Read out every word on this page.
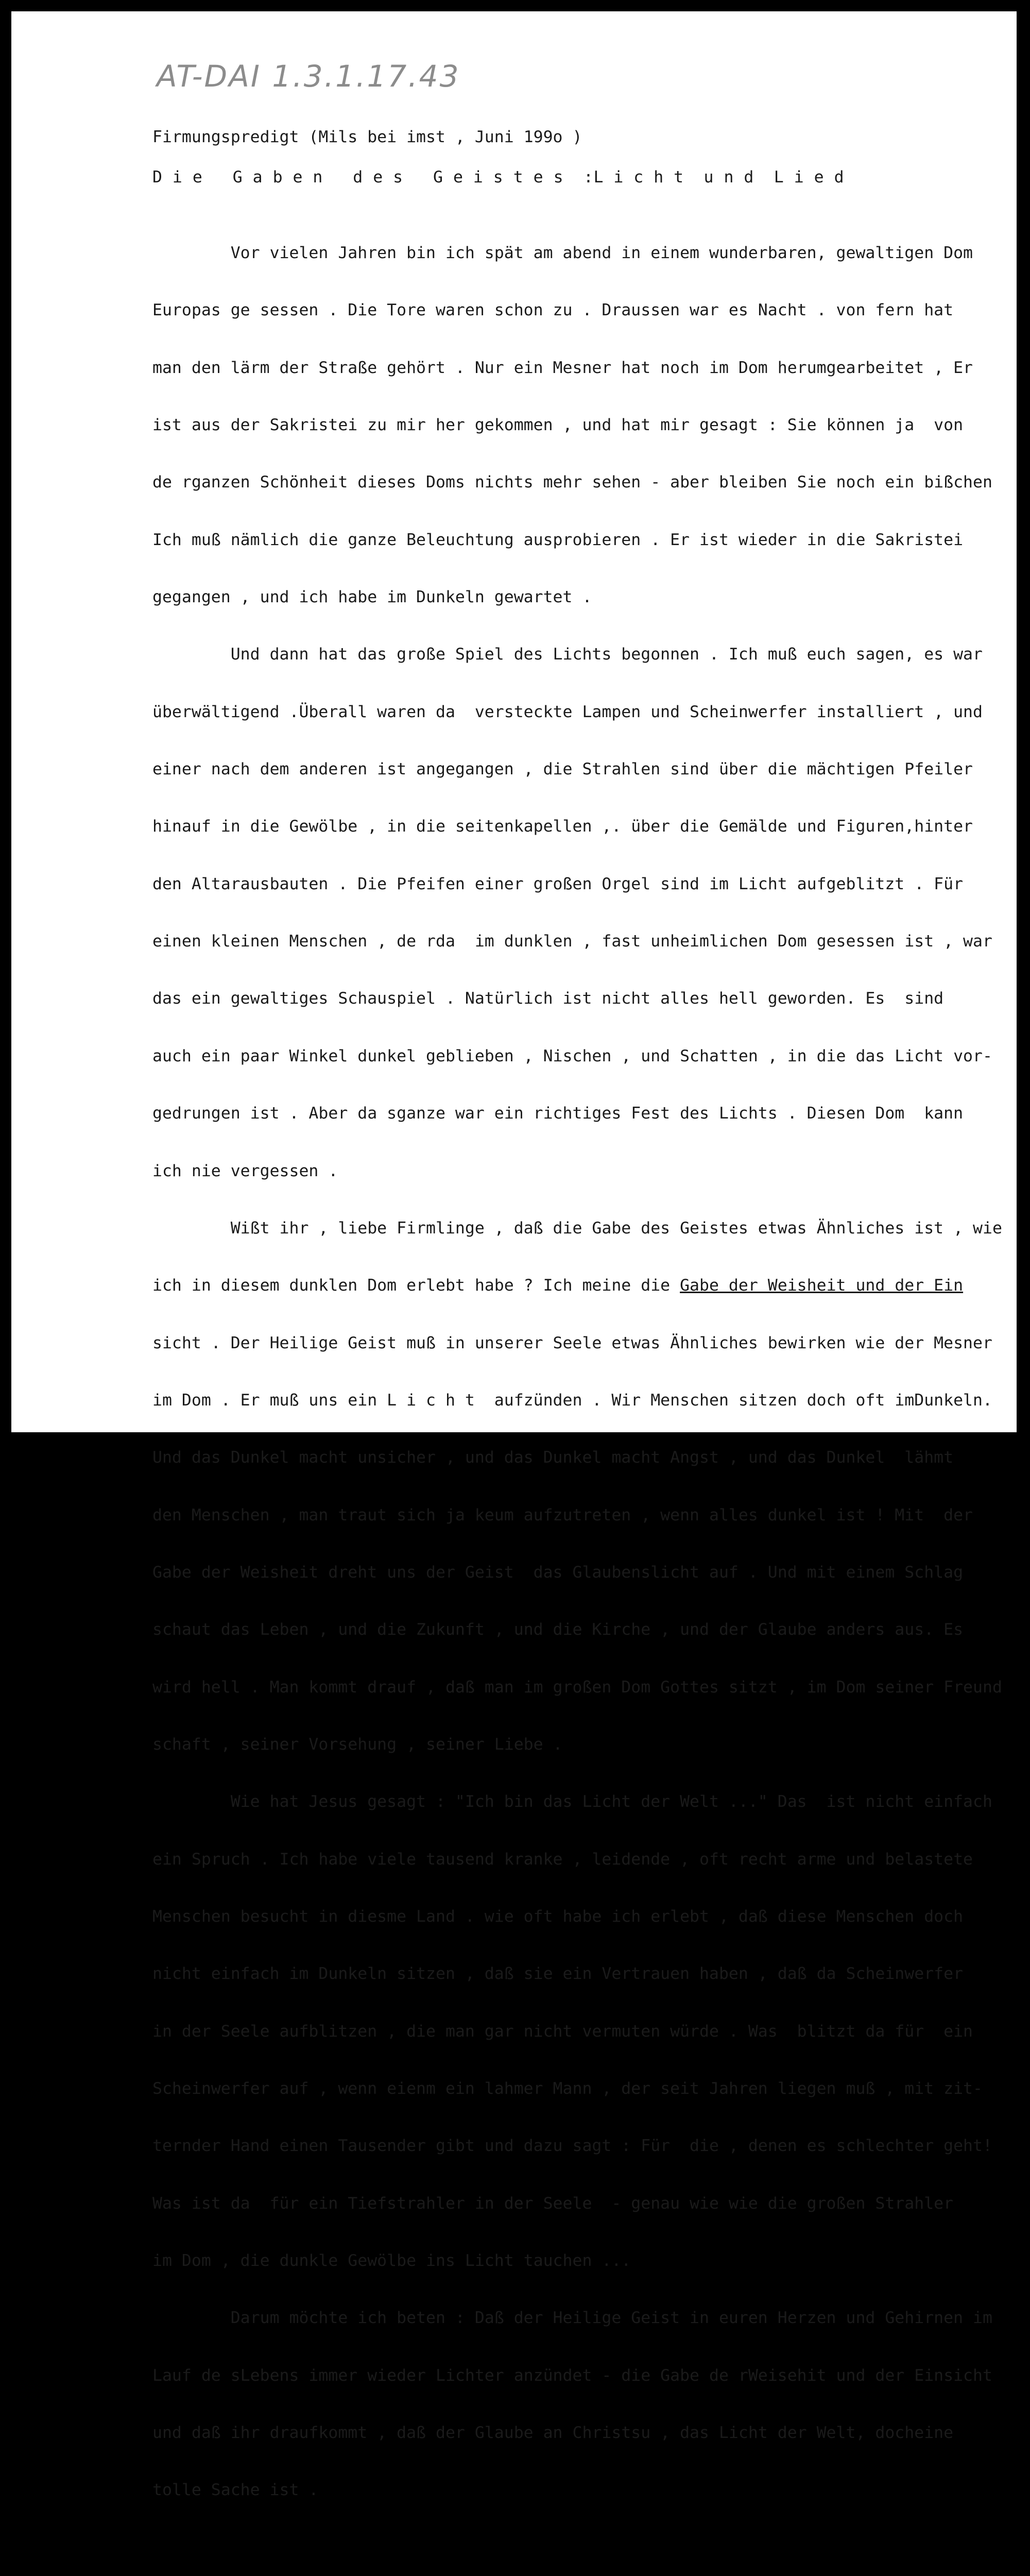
AT-DAI 1.3.1.17.43
Firmungspredigt (Mils bei imst , Juni 199o )
D i e   G a b e n   d e s   G e i s t e s  :L i c h t  u n d  L i e d

Vor vielen Jahren bin ich spät am abend in einem wunderbaren, gewaltigen Dom

Europas ge sessen . Die Tore waren schon zu . Draussen war es Nacht . von fern hat

man den lärm der Straße gehört . Nur ein Mesner hat noch im Dom herumgearbeitet , Er

ist aus der Sakristei zu mir her gekommen , und hat mir gesagt : Sie können ja  von

de rganzen Schönheit dieses Doms nichts mehr sehen - aber bleiben Sie noch ein bißchen

Ich muß nämlich die ganze Beleuchtung ausprobieren . Er ist wieder in die Sakristei

gegangen , und ich habe im Dunkeln gewartet .

Und dann hat das große Spiel des Lichts begonnen . Ich muß euch sagen, es war

überwältigend .Überall waren da  versteckte Lampen und Scheinwerfer installiert , und

einer nach dem anderen ist angegangen , die Strahlen sind über die mächtigen Pfeiler

hinauf in die Gewölbe , in die seitenkapellen ,. über die Gemälde und Figuren,hinter

den Altarausbauten . Die Pfeifen einer großen Orgel sind im Licht aufgeblitzt . Für

einen kleinen Menschen , de rda  im dunklen , fast unheimlichen Dom gesessen ist , war

das ein gewaltiges Schauspiel . Natürlich ist nicht alles hell geworden. Es  sind

auch ein paar Winkel dunkel geblieben , Nischen , und Schatten , in die das Licht vor-

gedrungen ist . Aber da sganze war ein richtiges Fest des Lichts . Diesen Dom  kann

ich nie vergessen .

Wißt ihr , liebe Firmlinge , daß die Gabe des Geistes etwas Ähnliches ist , wie

ich in diesem dunklen Dom erlebt habe ? Ich meine die Gabe der Weisheit und der Ein

sicht . Der Heilige Geist muß in unserer Seele etwas Ähnliches bewirken wie der Mesner

im Dom . Er muß uns ein L i c h t  aufzünden . Wir Menschen sitzen doch oft imDunkeln.

Und das Dunkel macht unsicher , und das Dunkel macht Angst , und das Dunkel  lähmt

den Menschen , man traut sich ja keum aufzutreten , wenn alles dunkel ist ! Mit  der

Gabe der Weisheit dreht uns der Geist  das Glaubenslicht auf . Und mit einem Schlag

schaut das Leben , und die Zukunft , und die Kirche , und der Glaube anders aus. Es

wird hell . Man kommt drauf , daß man im großen Dom Gottes sitzt , im Dom seiner Freund

schaft , seiner Vorsehung , seiner Liebe .

Wie hat Jesus gesagt : "Ich bin das Licht der Welt ..." Das  ist nicht einfach

ein Spruch . Ich habe viele tausend kranke , leidende , oft recht arme und belastete

Menschen besucht in diesme Land . wie oft habe ich erlebt , daß diese Menschen doch

nicht einfach im Dunkeln sitzen , daß sie ein Vertrauen haben , daß da Scheinwerfer

in der Seele aufblitzen , die man gar nicht vermuten würde . Was  blitzt da für  ein

Scheinwerfer auf , wenn eienm ein lahmer Mann , der seit Jahren liegen muß , mit zit-

ternder Hand einen Tausender gibt und dazu sagt : Für  die , denen es schlechter geht!

Was ist da  für ein Tiefstrahler in der Seele  - genau wie wie die großen Strahler

im Dom , die dunkle Gewölbe ins Licht tauchen ...

Darum möchte ich beten : Daß der Heilige Geist in euren Herzen und Gehirnen im

Lauf de sLebens immer wieder Lichter anzündet - die Gabe de rWeisehit und der Einsicht

und daß ihr draufkommt , daß der Glaube an Christsu , das Licht der Welt, docheine

tolle Sache ist .
